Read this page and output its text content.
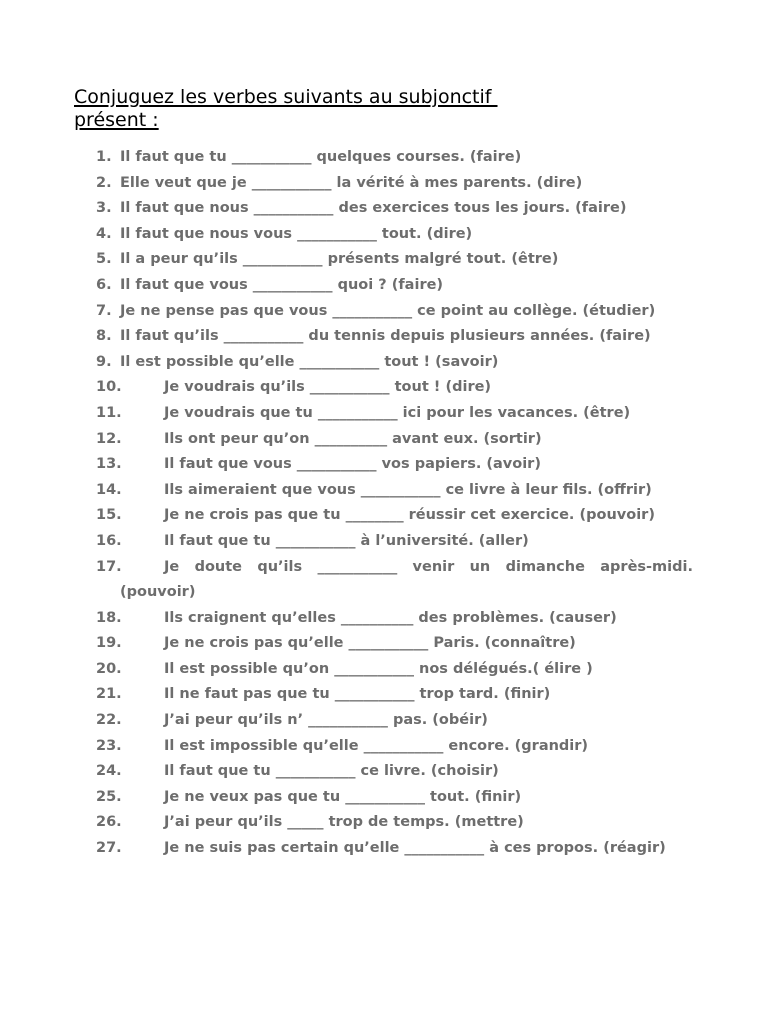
Conjuguez les verbes suivants au subjonctif
présent :
1. Il faut que tu ___________ quelques courses. (faire)
2. Elle veut que je ___________ la vérité à mes parents. (dire)
3. Il faut que nous ___________ des exercices tous les jours. (faire)
4. Il faut que nous vous ___________ tout. (dire)
5. Il a peur qu’ils ___________ présents malgré tout. (être)
6. Il faut que vous ___________ quoi ? (faire)
7. Je ne pense pas que vous ___________ ce point au collège. (étudier)
8. Il faut qu’ils ___________ du tennis depuis plusieurs années. (faire)
9. Il est possible qu’elle ___________ tout ! (savoir)
10.	Je voudrais qu’ils ___________ tout ! (dire)
11.	Je voudrais que tu ___________ ici pour les vacances. (être)
12.	Ils ont peur qu’on __________ avant eux. (sortir)
13.	Il faut que vous ___________ vos papiers. (avoir)
14.	Ils aimeraient que vous ___________ ce livre à leur fils. (offrir)
15.	Je ne crois pas que tu ________ réussir cet exercice. (pouvoir)
16.	Il faut que tu ___________ à l’université. (aller)
17.	Je doute qu’ils ___________ venir un dimanche après-midi. (pouvoir)
18.	Ils craignent qu’elles __________ des problèmes. (causer)
19.	Je ne crois pas qu’elle ___________ Paris. (connaître)
20.	Il est possible qu’on ___________ nos délégués.( élire )
21.	Il ne faut pas que tu ___________ trop tard. (finir)
22.	J’ai peur qu’ils n’ ___________ pas. (obéir)
23.	Il est impossible qu’elle ___________ encore. (grandir)
24.	Il faut que tu ___________ ce livre. (choisir)
25.	Je ne veux pas que tu ___________ tout. (finir)
26.	J’ai peur qu’ils _____ trop de temps. (mettre)
27.	Je ne suis pas certain qu’elle ___________ à ces propos. (réagir)
